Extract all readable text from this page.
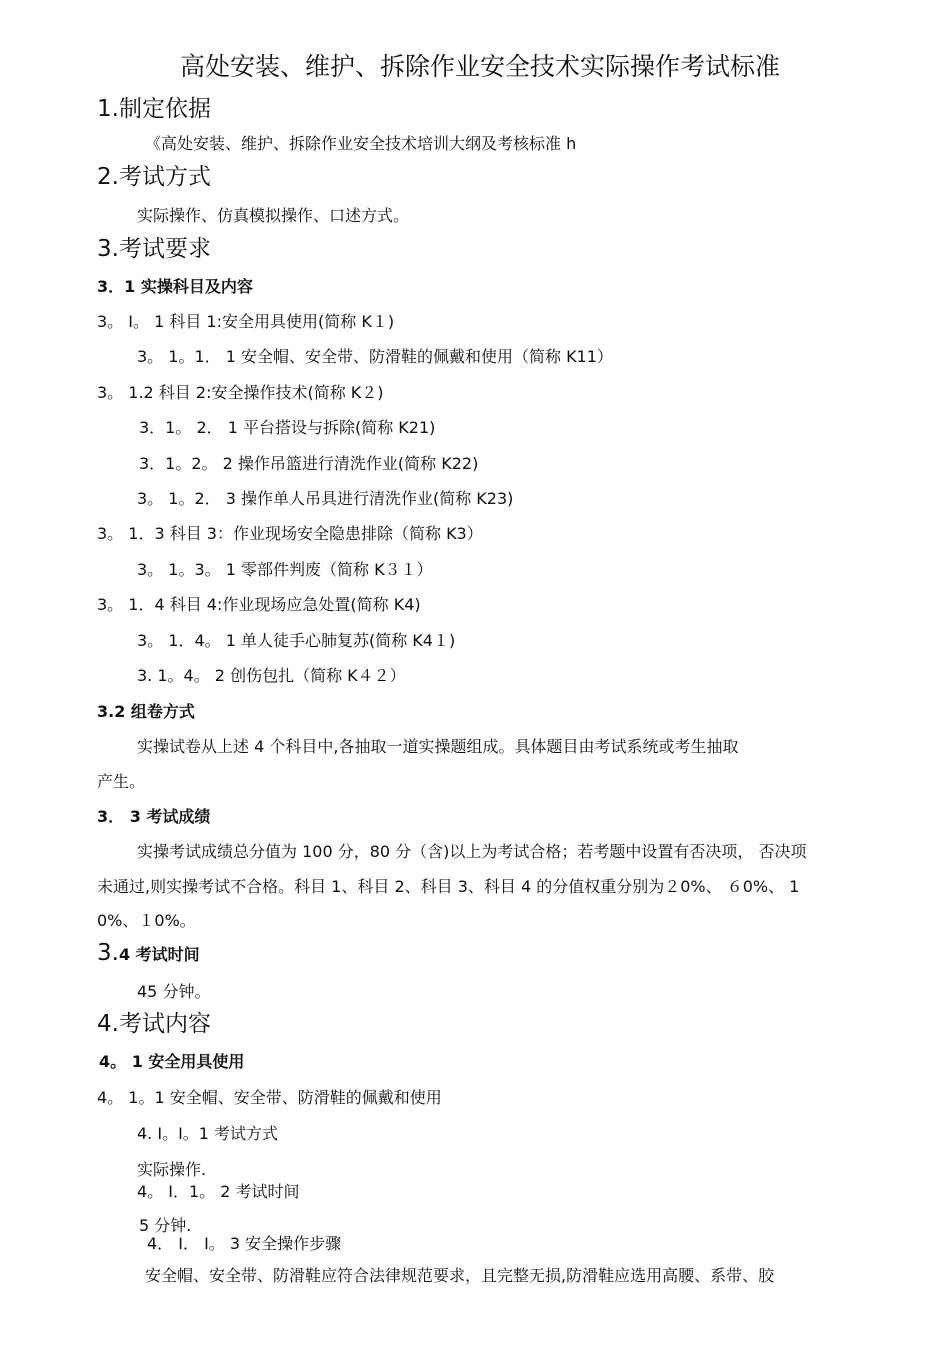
高处安装、维护、拆除作业安全技术实际操作考试标准
1.制定依据
《高处安装、维护、拆除作业安全技术培训大纲及考核标准 h
2.考试方式
实际操作、仿真模拟操作、口述方式。
3.考试要求
3．1 实操科目及内容
3。 I。 1 科目 1:安全用具使用(简称 K１)
3。 1。1． 1 安全帽、安全带、防滑鞋的佩戴和使用（简称 K11）
3。 1.2 科目 2:安全操作技术(简称 K２)
3．1。 2． 1 平台搭设与拆除(简称 K21)
3．1。2。 2 操作吊篮进行清洗作业(简称 K22)
3。 1。2． 3 操作单人吊具进行清洗作业(简称 K23)
3。 1．3 科目 3：作业现场安全隐患排除（简称 K3）
3。 1。3。 1 零部件判废（简称 K３１）
3。 1．4 科目 4:作业现场应急处置(简称 K4)
3。 1．4。 1 单人徒手心肺复苏(简称 K4１)
3. 1。4。 2 创伤包扎（简称 K４２）
3.2 组卷方式
实操试卷从上述 4 个科目中,各抽取一道实操题组成。具体题目由考试系统或考生抽取
产生。
3． 3 考试成绩
实操考试成绩总分值为 100 分，80 分（含)以上为考试合格；若考题中设置有否决项， 否决项
未通过,则实操考试不合格。科目 1、科目 2、科目 3、科目 4 的分值权重分别为２0%、 ６0%、 1
0%、１0%。
3.4 考试时间
45 分钟。
4.考试内容
4。 1 安全用具使用
4。 1。1 安全帽、安全带、防滑鞋的佩戴和使用
4. I。I。1 考试方式
实际操作.
4。 I．1。 2 考试时间
5 分钟.
4． I． I。 3 安全操作步骤
安全帽、安全带、防滑鞋应符合法律规范要求，且完整无损,防滑鞋应选用高腰、系带、胶
